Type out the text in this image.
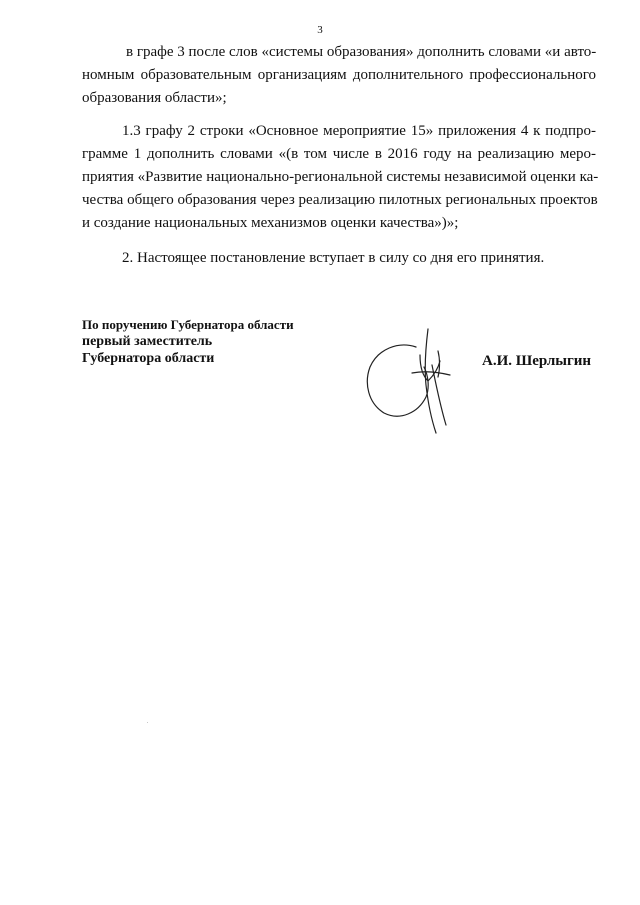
3
в графе 3 после слов «системы образования» дополнить словами «и авто-
номным образовательным организациям дополнительного профессионального
образования области»;
1.3 графу 2 строки «Основное мероприятие 15» приложения 4 к подпро-
грамме 1 дополнить словами «(в том числе в 2016 году на реализацию меро-
приятия «Развитие национально-региональной системы независимой оценки ка-
чества общего образования через реализацию пилотных региональных проектов
и создание национальных механизмов оценки качества»)»;
2. Настоящее постановление вступает в силу со дня его принятия.
По поручению Губернатора области
первый заместитель
Губернатора области	А.И. Шерлыгин
